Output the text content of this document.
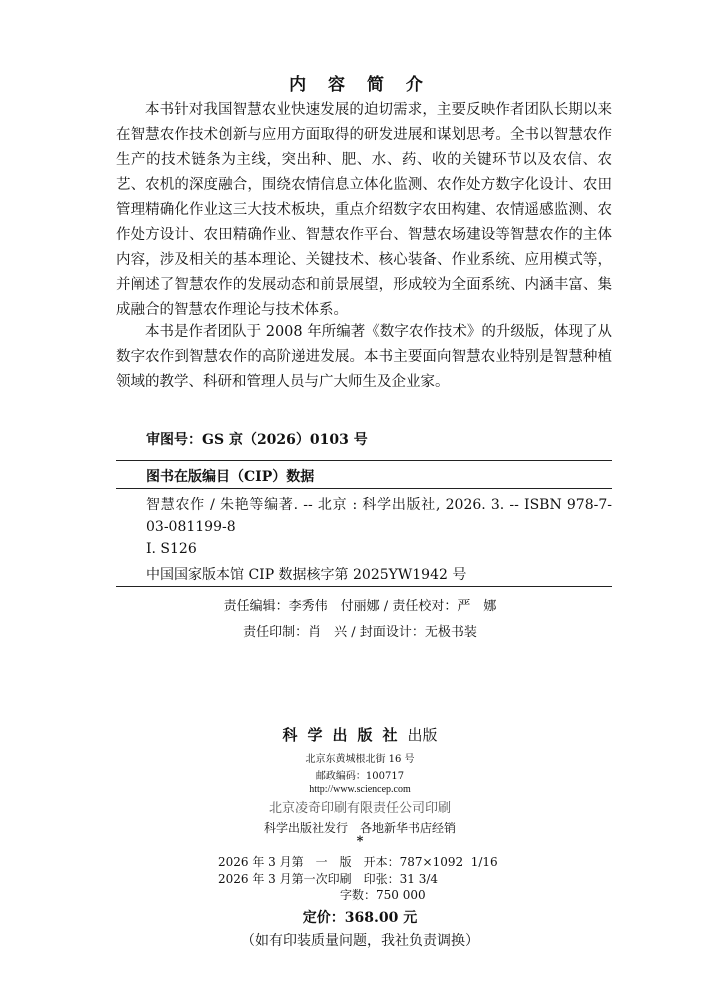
内 容 简 介

本书针对我国智慧农业快速发展的迫切需求，主要反映作者团队长期以来在智慧农作技术创新与应用方面取得的研发进展和谋划思考。全书以智慧农作生产的技术链条为主线，突出种、肥、水、药、收的关键环节以及农信、农艺、农机的深度融合，围绕农情信息立体化监测、农作处方数字化设计、农田管理精确化作业这三大技术板块，重点介绍数字农田构建、农情遥感监测、农作处方设计、农田精确作业、智慧农作平台、智慧农场建设等智慧农作的主体内容，涉及相关的基本理论、关键技术、核心装备、作业系统、应用模式等，并阐述了智慧农作的发展动态和前景展望，形成较为全面系统、内涵丰富、集成融合的智慧农作理论与技术体系。

本书是作者团队于 2008 年所编著《数字农作技术》的升级版，体现了从数字农作到智慧农作的高阶递进发展。本书主要面向智慧农业特别是智慧种植领域的教学、科研和管理人员与广大师生及企业家。

审图号：GS 京（2026）0103 号
图书在版编目（CIP）数据

智慧农作 / 朱艳等编著. -- 北京 : 科学出版社, 2026. 3. -- ISBN 978-7-03-081199-8

Ⅰ. S126
中国国家版本馆 CIP 数据核字第 2025YW1942 号
责任编辑：李秀伟　付丽娜 / 责任校对：严　娜
责任印制：肖　兴 / 封面设计：无极书装
科学出版社出版
北京东黄城根北街 16 号
邮政编码：100717
http://www.sciencep.com
北京凌奇印刷有限责任公司印刷
科学出版社发行　各地新华书店经销
*
2026 年 3 月第　一　版　开本：787×1092  1/16
2026 年 3 月第一次印刷　印张：31 3/4
字数：750 000
定价：368.00 元
（如有印装质量问题，我社负责调换）
